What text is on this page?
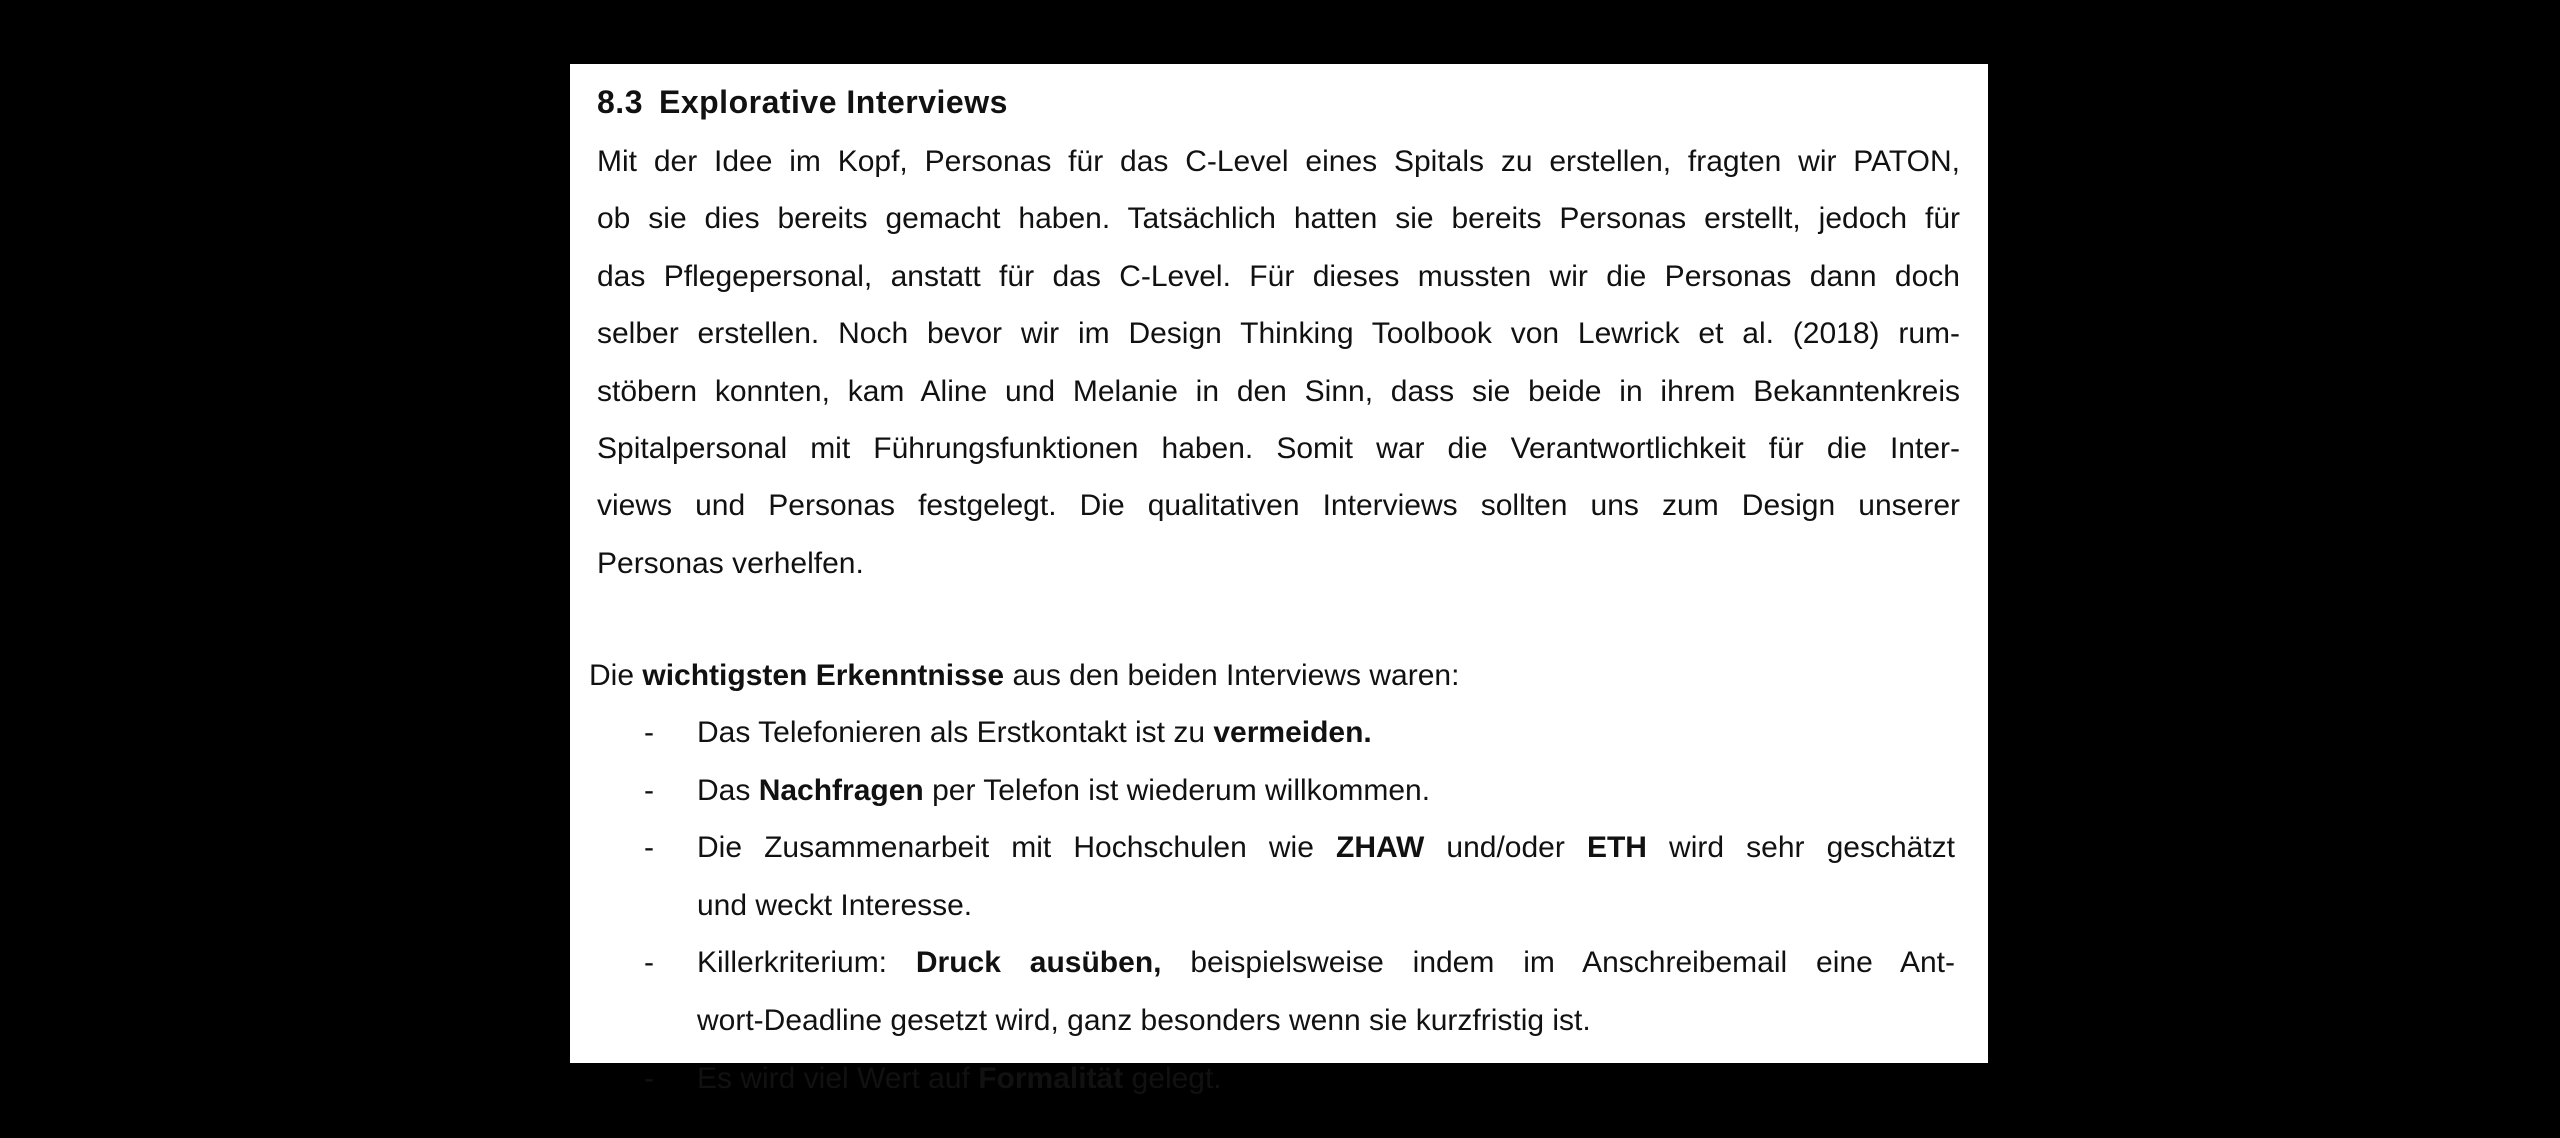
8.3 Explorative Interviews
Mit der Idee im Kopf, Personas für das C-Level eines Spitals zu erstellen, fragten wir PATON,
ob sie dies bereits gemacht haben. Tatsächlich hatten sie bereits Personas erstellt, jedoch für
das Pflegepersonal, anstatt für das C-Level. Für dieses mussten wir die Personas dann doch
selber erstellen. Noch bevor wir im Design Thinking Toolbook von Lewrick et al. (2018) rum-
stöbern konnten, kam Aline und Melanie in den Sinn, dass sie beide in ihrem Bekanntenkreis
Spitalpersonal mit Führungsfunktionen haben. Somit war die Verantwortlichkeit für die Inter-
views und Personas festgelegt. Die qualitativen Interviews sollten uns zum Design unserer
Personas verhelfen.
Die wichtigsten Erkenntnisse aus den beiden Interviews waren:
- Das Telefonieren als Erstkontakt ist zu vermeiden.
- Das Nachfragen per Telefon ist wiederum willkommen.
- Die Zusammenarbeit mit Hochschulen wie ZHAW und/oder ETH wird sehr geschätzt
und weckt Interesse.
- Killerkriterium: Druck ausüben, beispielsweise indem im Anschreibemail eine Ant-
wort-Deadline gesetzt wird, ganz besonders wenn sie kurzfristig ist.
- Es wird viel Wert auf Formalität gelegt.
